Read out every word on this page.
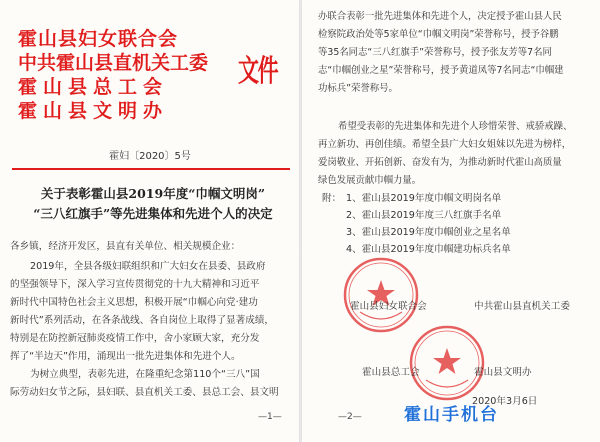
霍山县妇女联合会
中共霍山县直机关工委
霍山县总工会
霍山县文明办
文件
霍妇〔2020〕5号
关于表彰霍山县2019年度“巾帼文明岗”
“三八红旗手”等先进集体和先进个人的决定
各乡镇，经济开发区，县直有关单位、相关规模企业：
2019年，全县各级妇联组织和广大妇女在县委、县政府
的坚强领导下，深入学习宣传贯彻党的十九大精神和习近平
新时代中国特色社会主义思想，积极开展“巾帼心向党·建功
新时代”系列活动，在各条战线、各自岗位上取得了显著成绩，
特别是在防控新冠肺炎疫情工作中，舍小家顾大家，充分发
挥了“半边天”作用，涌现出一批先进集体和先进个人。
为树立典型，表彰先进，在隆重纪念第110个“三八”国
际劳动妇女节之际，县妇联、县直机关工委、县总工会、县文明
—1—
办联合表彰一批先进集体和先进个人，决定授予霍山县人民
检察院政治处等5家单位“巾帼文明岗”荣誉称号，授予谷鹏
等35名同志“三八红旗手”荣誉称号，授予张友芳等7名同
志“巾帼创业之星”荣誉称号，授予黄道凤等7名同志“巾帼建
功标兵”荣誉称号。
希望受表彰的先进集体和先进个人珍惜荣誉、戒骄戒躁、
再立新功、再创佳绩。希望全县广大妇女姐妹以先进为榜样，
爱岗敬业、开拓创新、奋发有为，为推动新时代霍山高质量
绿色发展贡献巾帼力量。
附： 1、霍山县2019年度巾帼文明岗名单
2、霍山县2019年度三八红旗手名单
3、霍山县2019年度巾帼创业之星名单
4、霍山县2019年度巾帼建功标兵名单
霍山县妇女联合会	中共霍山县直机关工委
霍山县总工会	霍山县文明办
2020年3月6日
—2— 霍山手机台
